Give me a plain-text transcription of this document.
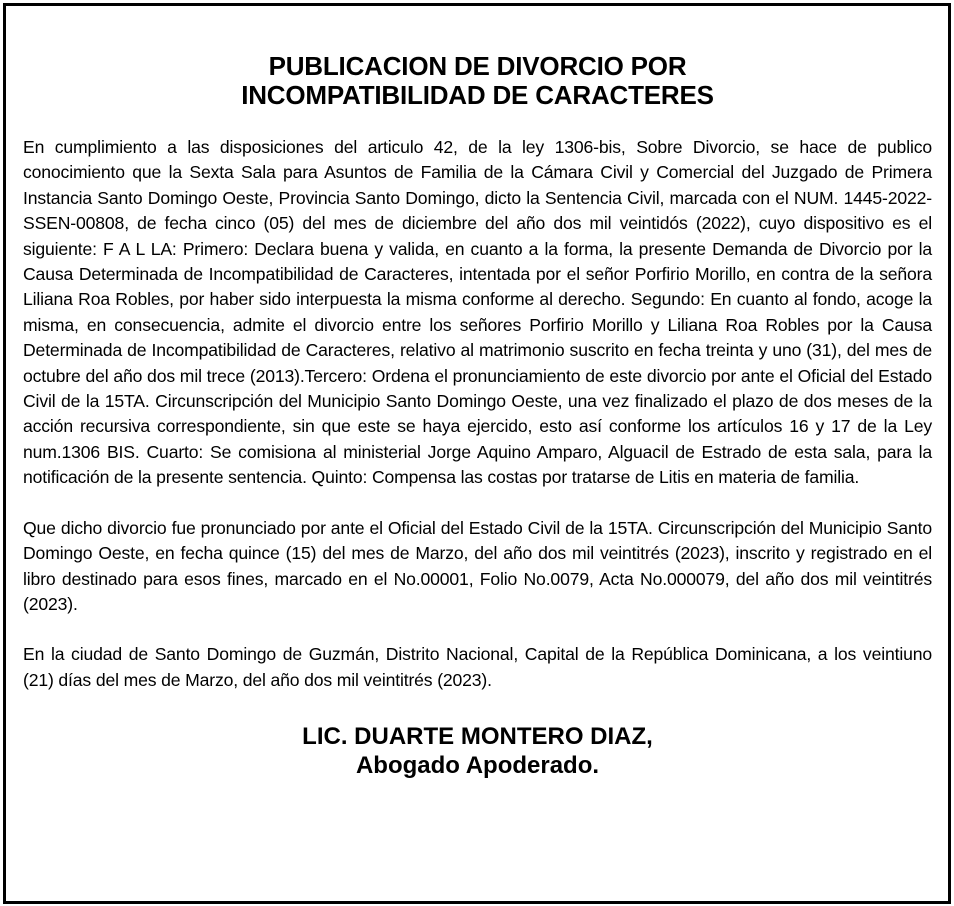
PUBLICACION DE DIVORCIO POR
INCOMPATIBILIDAD DE CARACTERES

En cumplimiento a las disposiciones del articulo 42, de la ley 1306-bis, Sobre Divorcio, se hace de publico conocimiento que la Sexta Sala para Asuntos de Familia de la Cámara Civil y Comercial del Juzgado de Primera Instancia Santo Domingo Oeste, Provincia Santo Domingo, dicto la Sentencia Civil, marcada con el NUM. 1445-2022-SSEN-00808, de fecha cinco (05) del mes de diciembre del año dos mil veintidós (2022), cuyo dispositivo es el siguiente: F A L LA: Primero: Declara buena y valida, en cuanto a la forma, la presente Demanda de Divorcio por la Causa Determinada de Incompatibilidad de Caracteres, intentada por el señor Porfirio Morillo, en contra de la señora Liliana Roa Robles, por haber sido interpuesta la misma conforme al derecho. Segundo: En cuanto al fondo, acoge la misma, en consecuencia, admite el divorcio entre los señores Porfirio Morillo y Liliana Roa Robles por la Causa Determinada de Incompatibilidad de Caracteres, relativo al matrimonio suscrito en fecha treinta y uno (31), del mes de octubre del año dos mil trece (2013).Tercero: Ordena el pronunciamiento de este divorcio por ante el Oficial del Estado Civil de la 15TA. Circunscripción del Municipio Santo Domingo Oeste, una vez finalizado el plazo de dos meses de la acción recursiva correspondiente, sin que este se haya ejercido, esto así conforme los artículos 16 y 17 de la Ley num.1306 BIS. Cuarto: Se comisiona al ministerial Jorge Aquino Amparo, Alguacil de Estrado de esta sala, para la notificación de la presente sentencia. Quinto: Compensa las costas por tratarse de Litis en materia de familia.

Que dicho divorcio fue pronunciado por ante el Oficial del Estado Civil de la 15TA. Circunscripción del Municipio Santo Domingo Oeste, en fecha quince (15) del mes de Marzo, del año dos mil veintitrés (2023), inscrito y registrado en el libro destinado para esos fines, marcado en el No.00001, Folio No.0079, Acta No.000079, del año dos mil veintitrés (2023).

En la ciudad de Santo Domingo de Guzmán, Distrito Nacional, Capital de la República Dominicana, a los veintiuno (21) días del mes de Marzo, del año dos mil veintitrés (2023).

LIC. DUARTE MONTERO DIAZ,
Abogado Apoderado.
